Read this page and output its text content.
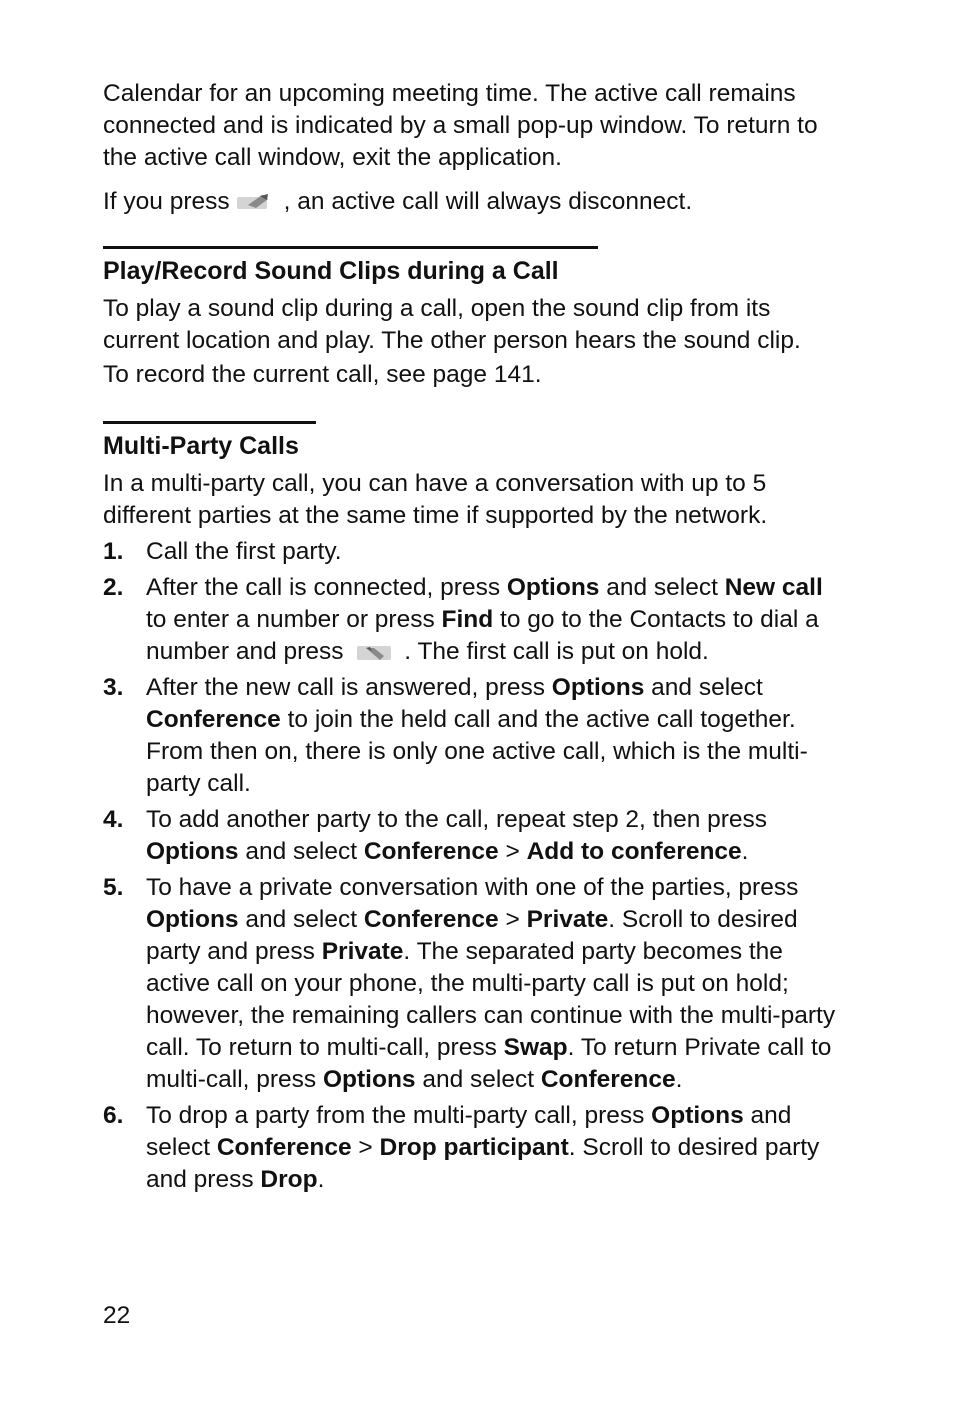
Calendar for an upcoming meeting time. The active call remains connected and is indicated by a small pop-up window. To return to the active call window, exit the application.

If you press , an active call will always disconnect.

Play/Record Sound Clips during a Call

To play a sound clip during a call, open the sound clip from its current location and play. The other person hears the sound clip.

To record the current call, see page 141.

Multi-Party Calls

In a multi-party call, you can have a conversation with up to 5 different parties at the same time if supported by the network.

1. Call the first party.
2. After the call is connected, press Options and select New call to enter a number or press Find to go to the Contacts to dial a number and press
. The first call is put on hold.
3. After the new call is answered, press Options and select Conference to join the held call and the active call together. From then on, there is only one active call, which is the multi-party call.
4. To add another party to the call, repeat step 2, then press Options and select Conference > Add to conference.
5. To have a private conversation with one of the parties, press Options and select Conference > Private. Scroll to desired party and press Private. The separated party becomes the active call on your phone, the multi-party call is put on hold; however, the remaining callers can continue with the multi-party call. To return to multi-call, press Swap. To return Private call to multi-call, press Options and select Conference.
6. To drop a party from the multi-party call, press Options and select Conference > Drop participant. Scroll to desired party and press Drop.
22
